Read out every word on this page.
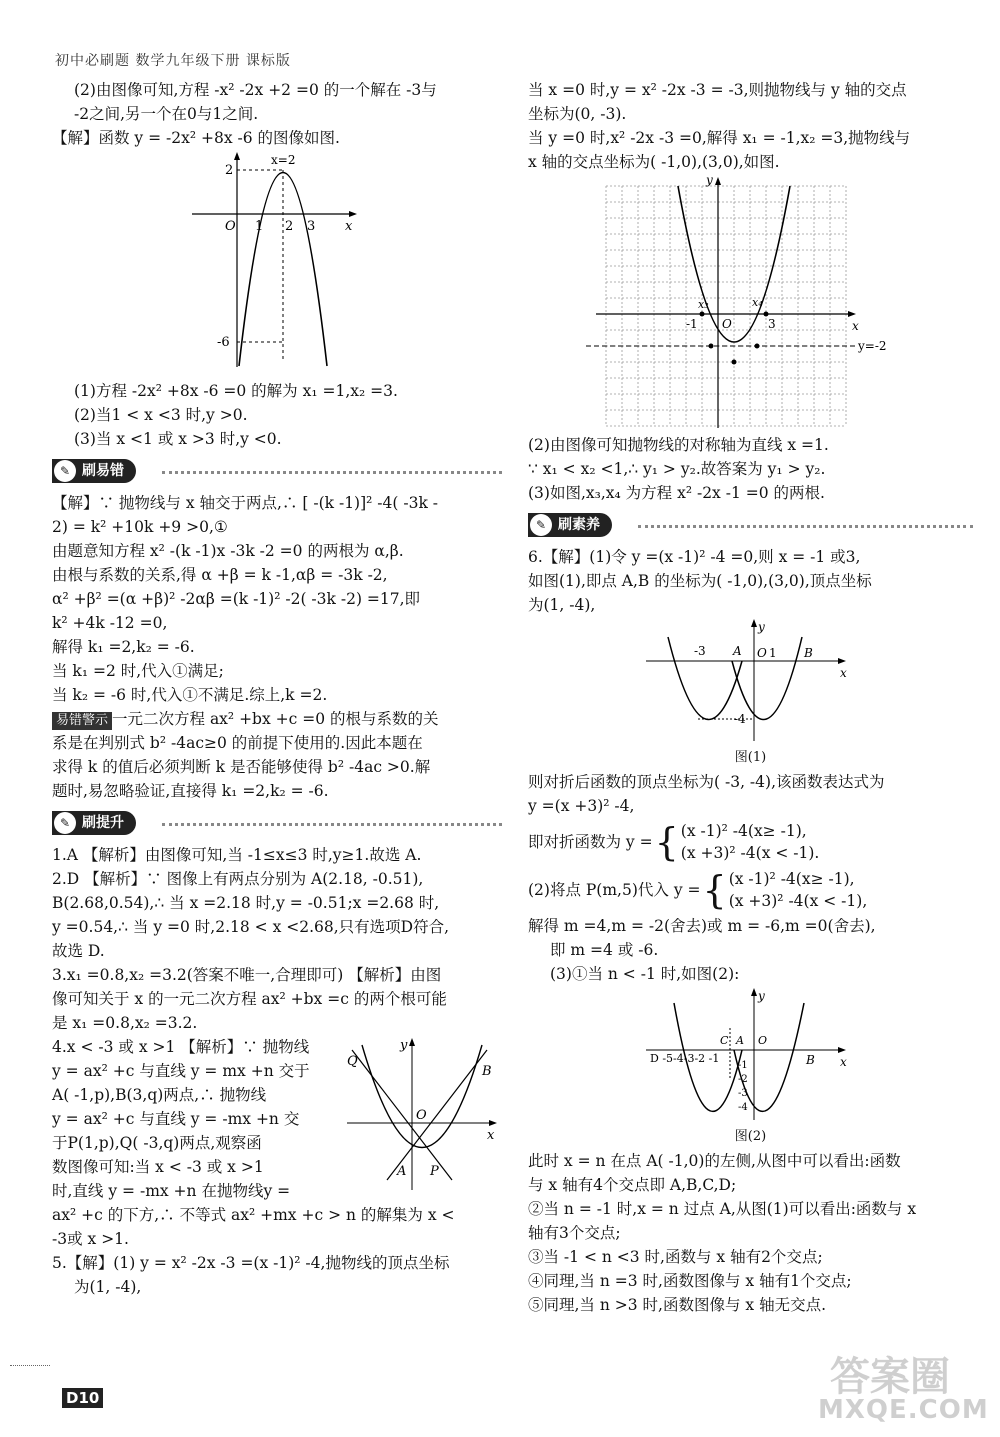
初中必刷题 数学九年级下册 课标版

(2)由图像可知,方程 -x² -2x +2 =0 的一个解在 -3与

-2之间,另一个在0与1之间.

【解】函数 y = -2x² +8x -6 的图像如图.

x=2
2
O 1 2 3 x
-6

(1)方程 -2x² +8x -6 =0 的解为 x₁ =1,x₂ =3.

(2)当1 < x <3 时,y >0.

(3)当 x <1 或 x >3 时,y <0.

✎ 刷易错

【解】∵ 抛物线与 x 轴交于两点,∴ [ -(k -1)]² -4( -3k -

2) = k² +10k +9 >0,①

由题意知方程 x² -(k -1)x -3k -2 =0 的两根为 α,β.

由根与系数的关系,得 α +β = k -1,αβ = -3k -2,

α² +β² =(α +β)² -2αβ =(k -1)² -2( -3k -2) =17,即

k² +4k -12 =0,

解得 k₁ =2,k₂ = -6.

当 k₁ =2 时,代入①满足;

当 k₂ = -6 时,代入①不满足.综上,k =2.

易错警示 一元二次方程 ax² +bx +c =0 的根与系数的关

系是在判别式 b² -4ac≥0 的前提下使用的.因此本题在

求得 k 的值后必须判断 k 是否能够使得 b² -4ac >0.解

题时,易忽略验证,直接得 k₁ =2,k₂ = -6.

✎ 刷提升

1.A 【解析】由图像可知,当 -1≤x≤3 时,y≥1.故选 A.

2.D 【解析】∵ 图像上有两点分别为 A(2.18, -0.51),

B(2.68,0.54),∴ 当 x =2.18 时,y = -0.51;x =2.68 时,

y =0.54,∴ 当 y =0 时,2.18 < x <2.68,只有选项D符合,

故选 D.

3.x₁ =0.8,x₂ =3.2(答案不唯一,合理即可) 【解析】由图

像可知关于 x 的一元二次方程 ax² +bx =c 的两个根可能

是 x₁ =0.8,x₂ =3.2.

4.x < -3 或 x >1 【解析】∵ 抛物线

y = ax² +c 与直线 y = mx +n 交于

A( -1,p),B(3,q)两点,∴ 抛物线

y = ax² +c 与直线 y = -mx +n 交

于P(1,p),Q( -3,q)两点,观察函

数图像可知:当 x < -3 或 x >1

时,直线 y = -mx +n 在抛物线y =

Q
B
O
A P
x
y

ax² +c 的下方,∴ 不等式 ax² +mx +c > n 的解集为 x <

-3或 x >1.

5.【解】(1) y = x² -2x -3 =(x -1)² -4,抛物线的顶点坐标

为(1, -4),

当 x =0 时,y = x² -2x -3 = -3,则抛物线与 y 轴的交点

坐标为(0, -3).

当 y =0 时,x² -2x -3 =0,解得 x₁ = -1,x₂ =3,抛物线与

x 轴的交点坐标为( -1,0),(3,0),如图.

y
x
O
-1	3
x₃	x₄
y=-2

(2)由图像可知抛物线的对称轴为直线 x =1.

∵ x₁ < x₂ <1,∴ y₁ > y₂.故答案为 y₁ > y₂.

(3)如图,x₃,x₄ 为方程 x² -2x -1 =0 的两根.

✎ 刷素养

6.【解】(1)令 y =(x -1)² -4 =0,则 x = -1 或3,

如图(1),即点 A,B 的坐标为( -1,0),(3,0),顶点坐标

为(1, -4),

y
x
-3 A O 1 B
-4

图(1)

则对折后函数的顶点坐标为( -3, -4),该函数表达式为

y =(x +3)² -4,

即对折函数为 y = { (x -1)² -4(x≥ -1),
(x +3)² -4(x < -1).
(2)将点 P(m,5)代入 y = { (x -1)² -4(x≥ -1),
(x +3)² -4(x < -1),

解得 m =4,m = -2(舍去)或 m = -6,m =0(舍去),

即 m =4 或 -6.

(3)①当 n < -1 时,如图(2):

y
x
D -5-4-3-2 -1
C A O
B
-1
-2
-3
-4

图(2)

此时 x = n 在点 A( -1,0)的左侧,从图中可以看出:函数

与 x 轴有4个交点即 A,B,C,D;

②当 n = -1 时,x = n 过点 A,从图(1)可以看出:函数与 x

轴有3个交点;

③当 -1 < n <3 时,函数与 x 轴有2个交点;

④同理,当 n =3 时,函数图像与 x 轴有1个交点;

⑤同理,当 n >3 时,函数图像与 x 轴无交点.

D10	答案圈
MXQE.COM
